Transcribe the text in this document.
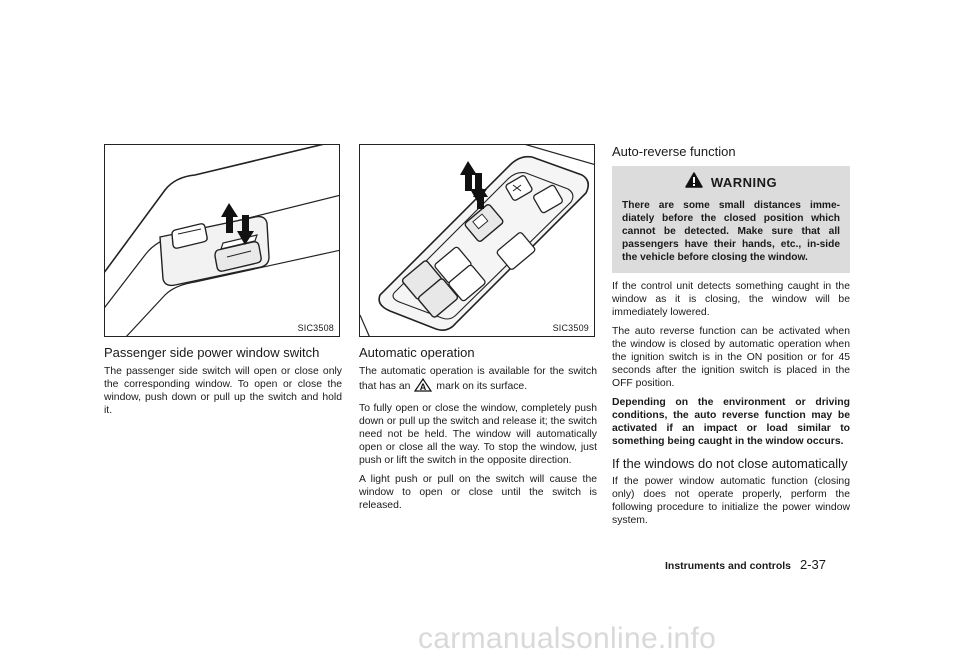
SIC3508
Passenger side power window switch

The passenger side switch will open or close only the corresponding window. To open or close the window, push down or pull up the switch and hold it.

SIC3509
Automatic operation

The automatic operation is available for the switch that has an A mark on its surface.

To fully open or close the window, completely push down or pull up the switch and release it; the switch need not be held. The window will automatically open or close all the way. To stop the window, just push or lift the switch in the opposite direction.

A light push or pull on the switch will cause the window to open or close until the switch is released.

Auto-reverse function
WARNING
There are some small distances imme-diately before the closed position which cannot be detected. Make sure that all passengers have their hands, etc., in-side the vehicle before closing the window.

If the control unit detects something caught in the window as it is closing, the window will be immediately lowered.

The auto reverse function can be activated when the window is closed by automatic operation when the ignition switch is in the ON position or for 45 seconds after the ignition switch is placed in the OFF position.

Depending on the environment or driving conditions, the auto reverse function may be activated if an impact or load similar to something being caught in the window occurs.

If the windows do not close automatically

If the power window automatic function (closing only) does not operate properly, perform the following procedure to initialize the power window system.

Instruments and controls 2-37
carmanualsonline.info
